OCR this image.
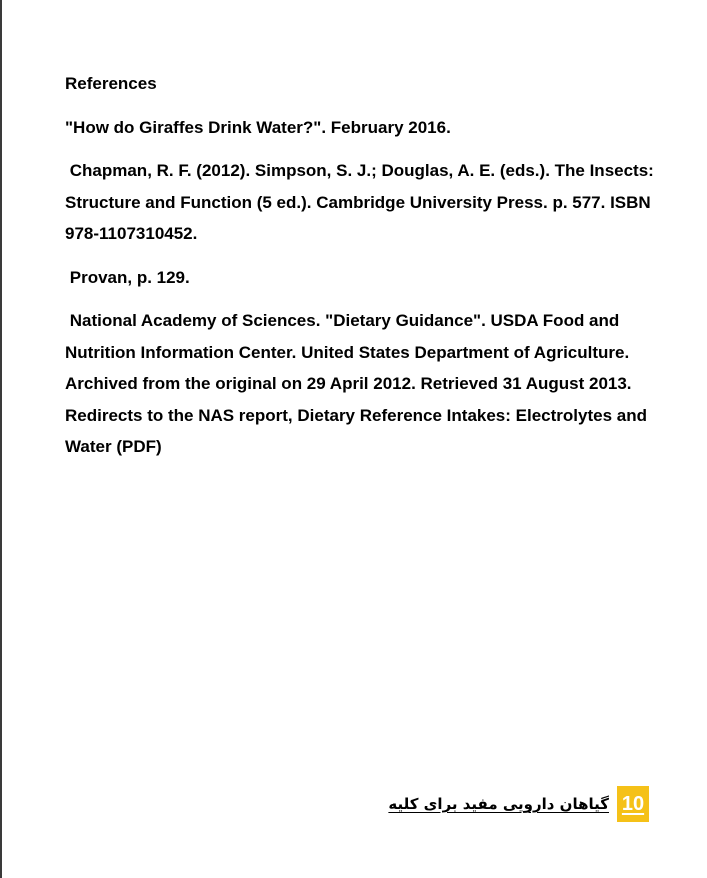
References

"How do Giraffes Drink Water?". February 2016.

Chapman, R. F. (2012). Simpson, S. J.; Douglas, A. E. (eds.). The Insects: Structure and Function (5 ed.). Cambridge University Press. p. 577. ISBN 978-1107310452.

Provan, p. 129.

National Academy of Sciences. "Dietary Guidance". USDA Food and Nutrition Information Center. United States Department of Agriculture. Archived from the original on 29 April 2012. Retrieved 31 August 2013. Redirects to the NAS report, Dietary Reference Intakes: Electrolytes and Water (PDF)

گیاهان دارویی مفید برای کلیه 10
